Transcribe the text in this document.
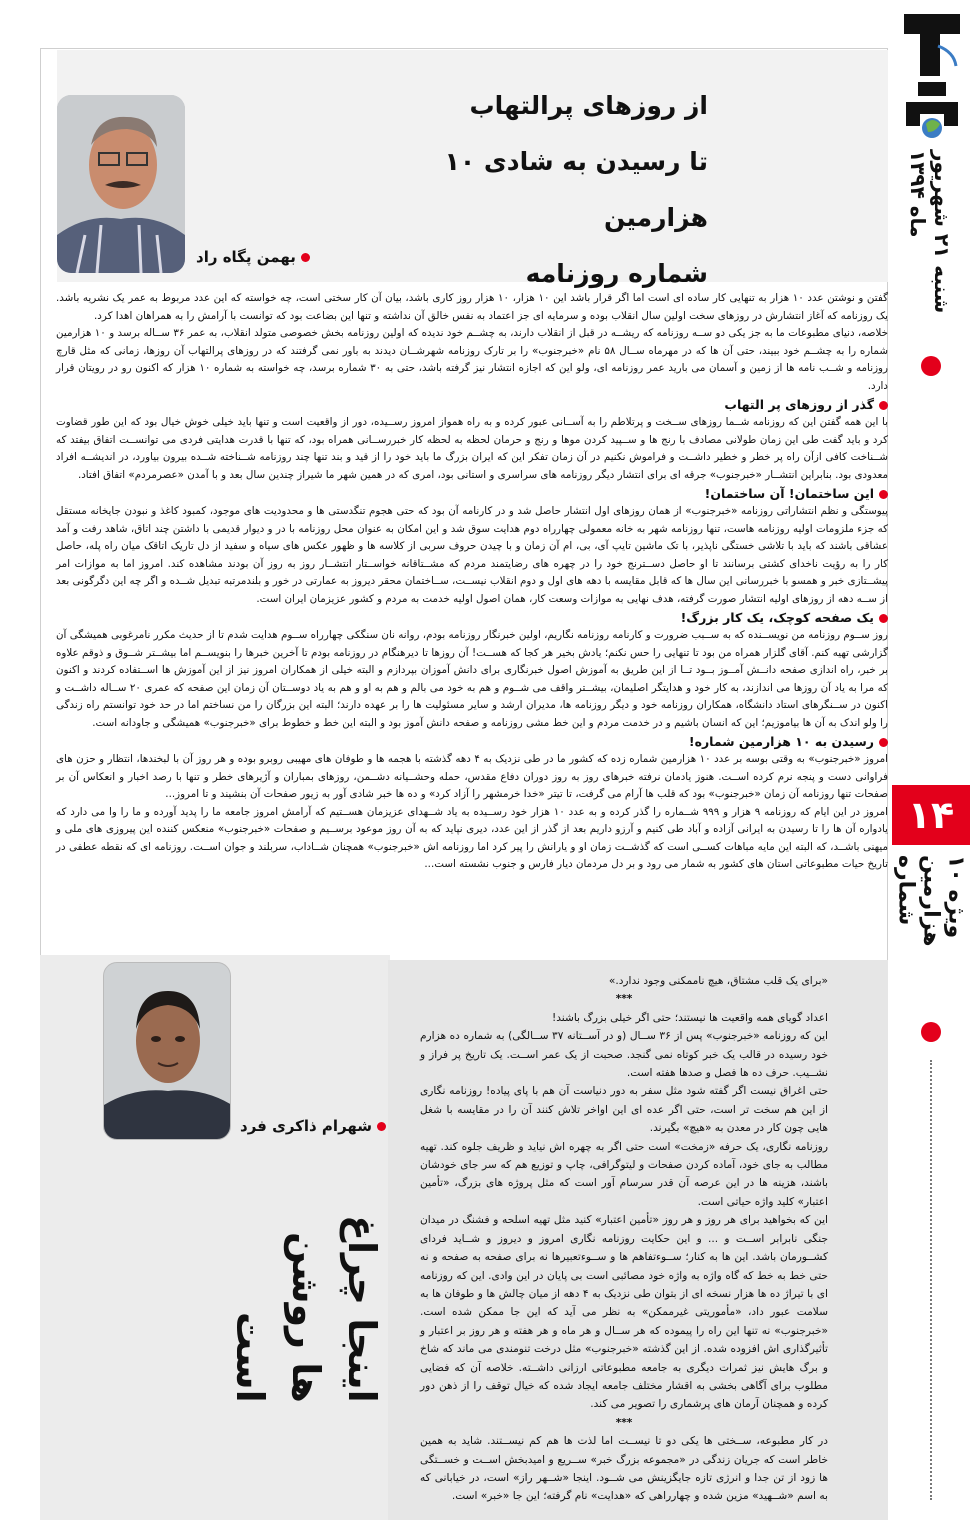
شنبه ۲۱ شهریور ماه ۱۳۹۴
۱۴
ویژه ۱۰ هزارمین شماره
از روزهای پرالتهاب
تا رسیدن به شادی ۱۰ هزارمین
شماره روزنامه
بهمن پگاه راد

گفتن و نوشتن عدد ۱۰ هزار به تنهایی کار ساده ای است اما اگر قرار باشد این ۱۰ هزار، ۱۰ هزار روز کاری باشد، بیان آن کار سختی است، چه خواسته که این عدد مربوط به عمر یک نشریه باشد. یک روزنامه که آغاز انتشارش در روزهای سخت اولین سال انقلاب بوده و سرمایه ای جز اعتماد به نفس خالق آن نداشته و تنها این بضاعت بود که توانست با آرامش را به همراهان اهدا کرد.

خلاصه، دنیای مطبوعات ما به جز یکی دو ســه روزنامه که ریشــه در قبل از انقلاب دارند، به چشــم خود ندیده که اولین روزنامه بخش خصوصی متولد انقلاب، به عمر ۳۶ ســاله برسد و ۱۰ هزارمین شماره را به چشــم خود ببیند، حتی آن ها که در مهرماه ســال ۵۸ نام «خبرجنوب» را بر تارک روزنامه شهرشــان دیدند به باور نمی گرفتند که در روزهای پرالتهاب آن روزها، زمانی که مثل قارچ روزنامه و شــب نامه ها از زمین و آسمان می بارید عمر روزنامه ای، ولو این که اجازه انتشار نیز گرفته باشد، حتی به ۳۰ شماره برسد، چه خواسته به شماره ۱۰ هزار که اکنون رو در رویتان قرار دارد.

گذر از روزهای پر التهاب

با این همه گفتن این که روزنامه شــما روزهای ســخت و پرتلاطم را به آســانی عبور کرده و به راه همواز امروز رســیده، دور از واقعیت است و تنها باید خیلی خوش خیال بود که این طور قضاوت کرد و باید گفت طی این زمان طولانی مصادف با رنج ها و ســپید کردن موها و رنج و حرمان لحظه به لحظه کار خبررســانی همراه بود، که تنها با قدرت هدایتی فردی می توانســت اتفاق بیفتد که شــناخت کافی ازآن راه پر خطر و خطیر داشــت و فراموش نکنیم در آن زمان تفکر این که ایران بزرگ ما باید خود را از قید و بند تنها چند روزنامه شــناخته شــده بیرون بیاورد، در اندیشــه افراد معدودی بود. بنابراین انتشــار «خبرجنوب» جرقه ای برای انتشار دیگر روزنامه های سراسری و استانی بود، امری که در همین شهر ما شیراز چندین سال بعد و با آمدن «عصرمردم» اتفاق افتاد.

این ساختمان! آن ساختمان!

پیوستگی و نظم انتشاراتی روزنامه «خبرجنوب» از همان روزهای اول انتشار حاصل شد و در کارنامه آن بود که حتی هجوم تنگدستی ها و محدودیت های موجود، کمبود کاغذ و نبودن جایخانه مستقل که جزء ملزومات اولیه روزنامه هاست، تنها روزنامه شهر به خانه معمولی چهارراه دوم هدایت سوق شد و این امکان به عنوان محل روزنامه با در و دیوار قدیمی با داشتن چند اتاق، شاهد رفت و آمد عشاقی باشند که باید با تلاشی خستگی ناپذیر، با تک ماشین تایپ آی، بی، ام آن زمان و با چیدن حروف سربی از کلاسه ها و ظهور عکس های سیاه و سفید از دل تاریک اتاقک میان راه پله، حاصل کار را به رؤیت ناخدای کشتی برسانند تا او حاصل دســترنج خود را در چهره های رضایتمند مردم که مشــتاقانه خواســتار انتشــار روز به روز آن بودند مشاهده کند. امروز اما به موازات امر پیشــتازی خبر و همسو با خبررسانی این سال ها که قابل مقایسه با دهه های اول و دوم انقلاب نیســت، ســاختمان محقر دیروز به عمارتی در خور و بلندمرتبه تبدیل شــده و اگر چه این دگرگونی بعد از ســه دهه از روزهای اولیه انتشار صورت گرفته، هدف نهایی به موازات وسعت کار، همان اصول اولیه خدمت به مردم و کشور عزیزمان ایران است.

یک صفحه کوچک، یک کار بزرگ!

روز ســوم روزنامه من نویســنده که به ســبب ضرورت و کارنامه روزنامه نگاریم، اولین خبرنگار روزنامه بودم، روانه نان سنگکی چهارراه ســوم هدایت شدم تا از حدیث مکرر نامرغوبی همیشگی آن گزارشی تهیه کنم. آقای گلزار همراه من بود تا تنهایی را حس نکنم؛ یادش بخیر هر کجا که هســت! آن روزها تا دیرهنگام در روزنامه بودم تا آخرین خبرها را بنویســم اما بیشــتر شــوق و ذوقم علاوه بر خبر، راه اندازی صفحه دانــش آمــوز بــود تــا از این طریق به آموزش اصول خبرنگاری برای دانش آموزان بپردازم و البته خیلی از همکاران امروز نیز از این آموزش ها اســتفاده کردند و اکنون که مرا به یاد آن روزها می اندازند، به کار خود و هدایتگر اصلیمان، بیشــتر واقف می شــوم و هم به خود می بالم و هم به او و هم به یاد دوســتان آن زمان این صفحه که عمری ۲۰ ســاله داشــت و اکنون در ســنگرهای استاد دانشگاه، همکاران روزنامه خود و دیگر روزنامه ها، مدیران ارشد و سایر مسئولیت ها را بر عهده دارند؛ البته این بزرگان را من نساختم اما در حد خود توانستم راه زندگی را ولو اندک به آن ها بیاموزیم؛ این که انسان باشیم و در خدمت مردم و این خط مشی روزنامه و صفحه دانش آموز بود و البته این خط و خطوط برای «خبرجنوب» همیشگی و جاودانه است.

رسیدن به ۱۰ هزارمین شماره!

امروز «خبرجنوب» به وقتی بوسه بر عدد ۱۰ هزارمین شماره زده که کشور ما در طی نزدیک به ۴ دهه گذشته با هجمه ها و طوفان های مهیبی روبرو بوده و هر روز آن با لبخندها، انتظار و حزن های فراوانی دست و پنجه نرم کرده اســت. هنوز یادمان نرفته خبرهای روز به روز دوران دفاع مقدس، حمله وحشــیانه دشــمن، روزهای بمباران و آژیرهای خطر و تنها با رصد اخبار و انعکاس آن بر صفحات تنها روزنامه آن زمان «خبرجنوب» بود که قلب ها آرام می گرفت، تا تیتر «خدا خرمشهر را آزاد کرد» و ده ها خبر شادی آور به زیور صفحات آن بنشیند و تا امروز...

امروز در این ایام که روزنامه ۹ هزار و ۹۹۹ شــماره را گذر کرده و به عدد ۱۰ هزار خود رســیده به یاد شــهدای عزیزمان هســتیم که آرامش امروز جامعه ما را پدید آورده و ما را وا می دارد که یادواره آن ها را تا رسیدن به ایرانی آزاده و آباد طی کنیم و آرزو داریم بعد از گذر از این عدد، دیری نپاید که به آن روز موعود برســیم و صفحات «خبرجنوب» منعکس کننده این پیروزی های ملی و میهنی باشــد، که البته این مایه مباهات کســی است که گذشــت زمان او و یارانش را پیر کرد اما روزنامه اش «خبرجنوب» همچنان شــاداب، سربلند و جوان اســت. روزنامه ای که نقطه عطفی در تاریخ حیات مطبوعاتی استان های کشور به شمار می رود و بر دل مردمان دیار فارس و جنوب نشسته است...

شهرام ذاکری فرد
اینجا چراغ ها روشن است

«برای یک قلب مشتاق، هیچ ناممکنی وجود ندارد.»

***

اعداد گویای همه واقعیت ها نیستند؛ حتی اگر خیلی بزرگ باشند!

این که روزنامه «خبرجنوب» پس از ۳۶ ســال (و در آســتانه ۳۷ ســالگی) به شماره ده هزارم خود رسیده در قالب یک خبر کوتاه نمی گنجد. صحبت از یک عمر اســت. یک تاریخ پر فراز و نشــیب. حرف ده ها فصل و صدها هفته است.

حتی اغراق نیست اگر گفته شود مثل سفر به دور دنیاست آن هم با پای پیاده! روزنامه نگاری از این هم سخت تر است، حتی اگر عده ای این اواخر تلاش کنند آن را در مقایسه با شغل هایی چون کار در معدن به «هیچ» بگیرند.

روزنامه نگاری، یک حرفه «زمخت» است حتی اگر به چهره اش نیاید و ظریف جلوه کند. تهیه مطالب به جای خود، آماده کردن صفحات و لیتوگرافی، چاپ و توزیع هم که سر جای خودشان باشند، هزینه ها در این عرصه آن قدر سرسام آور است که مثل پروژه های بزرگ، «تأمین اعتبار» کلید واژه حیاتی است.

این که بخواهید برای هر روز و هر روز «تأمین اعتبار» کنید مثل تهیه اسلحه و فشنگ در میدان جنگی نابرابر اســت و ... و این حکایت روزنامه نگاری امروز و دیروز و شــاید فردای کشــورمان باشد. این ها به کنار؛ ســوءتفاهم ها و ســوءتعبیرها نه برای صفحه به صفحه و نه حتی خط به خط که گاه واژه به واژه خود مصائبی است بی پایان در این وادی. این که روزنامه ای با تیراژ ده ها هزار نسخه ای از بتوان طی نزدیک به ۴ دهه از میان چالش ها و طوفان ها به سلامت عبور داد، «مأموریتی غیرممکن» به نظر می آید که این جا ممکن شده است. «خبرجنوب» نه تنها این راه را پیموده که هر ســال و هر ماه و هر هفته و هر روز بر اعتبار و تأثیرگذاری اش افزوده شده. از این گذشته «خبرجنوب» مثل درخت تنومندی می ماند که شاخ و برگ هایش نیز ثمرات دیگری به جامعه مطبوعاتی ارزانی داشــته. خلاصه آن که فضایی مطلوب برای آگاهی بخشی به اقشار مختلف جامعه ایجاد شده که خیال توقف را از ذهن دور کرده و همچنان آرمان های پرشماری را تصویر می کند.

***

در کار مطبوعه، ســختی ها یکی دو تا نیســت اما لذت ها هم کم نیســتند. شاید به همین خاطر است که جریان زندگی در «مجموعه بزرگ خبر» ســریع و امیدبخش اســت و خســتگی ها زود از تن جدا و انرژی تازه جایگزینش می شــود. اینجا «شــهر راز» است، در خیابانی که به اسم «شــهید» مزین شده و چهارراهی که «هدایت» نام گرفته؛ این جا «خبر» است.
